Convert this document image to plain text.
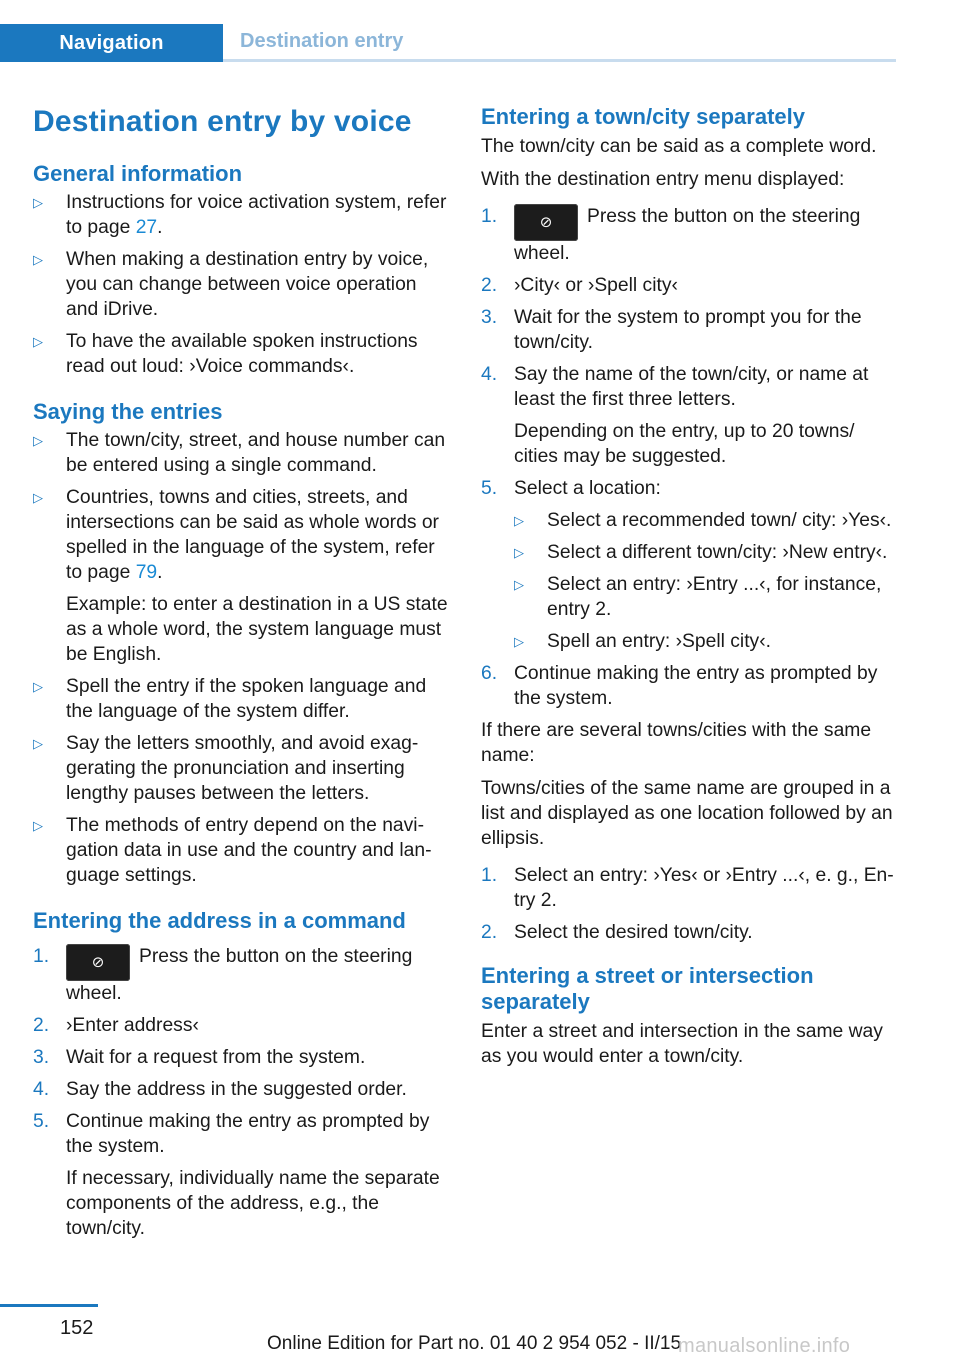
Navigation	Destination entry
Destination entry by voice
General information
▷ Instructions for voice activation system, refer to page 27.
▷ When making a destination entry by voice, you can change between voice operation and iDrive.
▷ To have the available spoken instructions read out loud: ›Voice commands‹.
Saying the entries
▷ The town/city, street, and house number can be entered using a single command.
▷ Countries, towns and cities, streets, and intersections can be said as whole words or spelled in the language of the system, refer to page 79.
Example: to enter a destination in a US state as a whole word, the system language must be English.
▷ Spell the entry if the spoken language and the language of the system differ.
▷ Say the letters smoothly, and avoid exaggerating the pronunciation and inserting lengthy pauses between the letters.
▷ The methods of entry depend on the navigation data in use and the country and language settings.
Entering the address in a command
1.	⊘ Press the button on the steering wheel.
2. ›Enter address‹
3. Wait for a request from the system.
4. Say the address in the suggested order.
5. Continue making the entry as prompted by the system.
If necessary, individually name the separate components of the address, e.g., the town/city.
Entering a town/city separately

The town/city can be said as a complete word.

With the destination entry menu displayed:

1.	⊘ Press the button on the steering wheel.
2. ›City‹ or ›Spell city‹
3. Wait for the system to prompt you for the town/city.
4. Say the name of the town/city, or name at least the first three letters.
Depending on the entry, up to 20 towns/ cities may be suggested.
5. Select a location:
▷ Select a recommended town/ city: ›Yes‹.
▷ Select a different town/city: ›New entry‹.
▷ Select an entry: ›Entry ...‹, for instance, entry 2.
▷ Spell an entry: ›Spell city‹.
6. Continue making the entry as prompted by the system.

If there are several towns/cities with the same name:

Towns/cities of the same name are grouped in a list and displayed as one location followed by an ellipsis.

1. Select an entry: ›Yes‹ or ›Entry ...‹, e. g., Entry 2.
2. Select the desired town/city.
Entering a street or intersection separately

Enter a street and intersection in the same way as you would enter a town/city.

152
Online Edition for Part no. 01 40 2 954 052 - II/15
manualsonline.info
